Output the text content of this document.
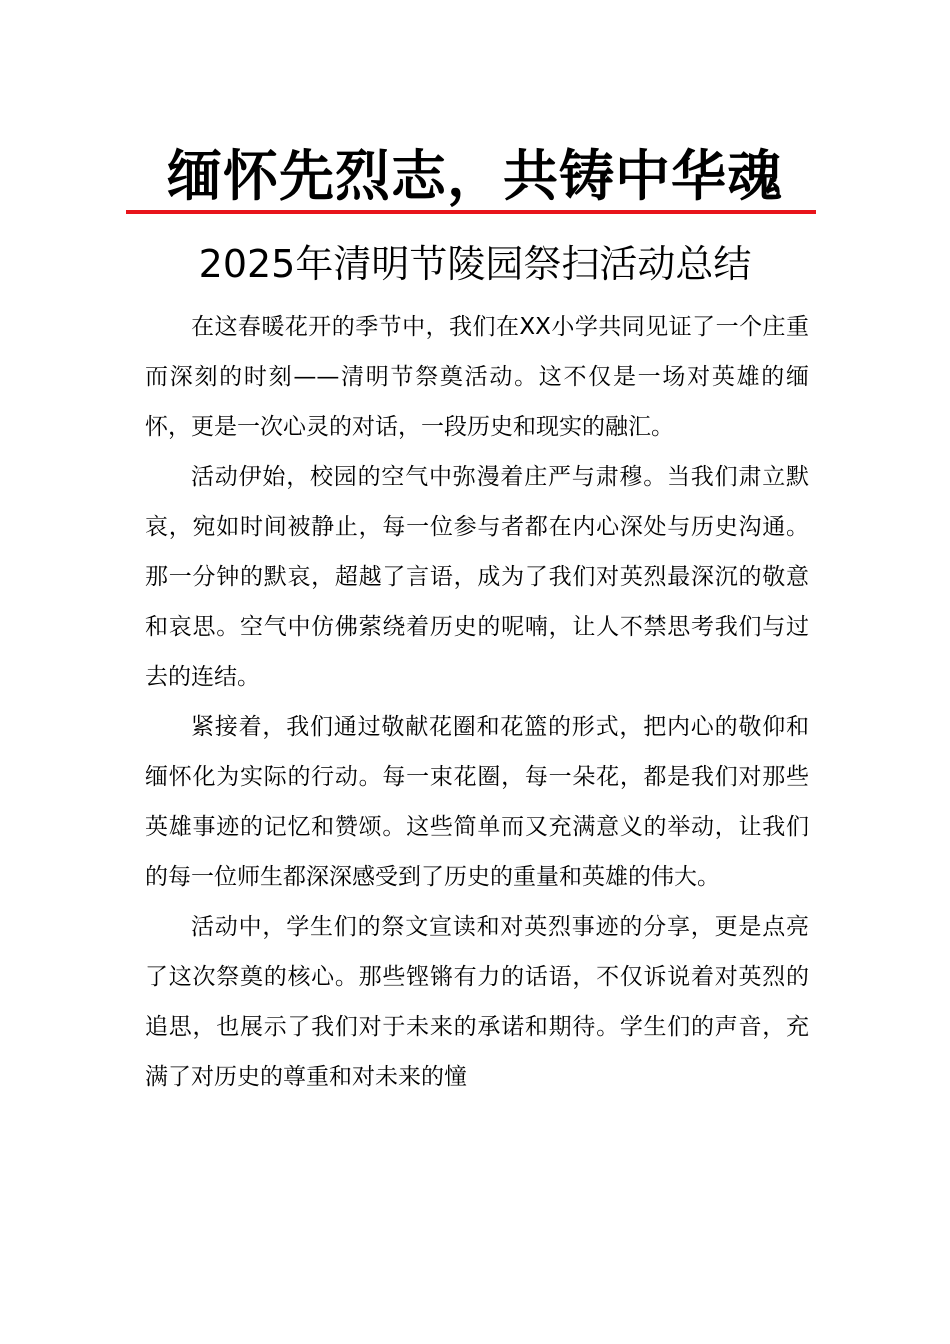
缅怀先烈志，共铸中华魂
2025年清明节陵园祭扫活动总结

在这春暖花开的季节中，我们在XX小学共同见证了一个庄重而深刻的时刻——清明节祭奠活动。这不仅是一场对英雄的缅怀，更是一次心灵的对话，一段历史和现实的融汇。

活动伊始，校园的空气中弥漫着庄严与肃穆。当我们肃立默哀，宛如时间被静止，每一位参与者都在内心深处与历史沟通。那一分钟的默哀，超越了言语，成为了我们对英烈最深沉的敬意和哀思。空气中仿佛萦绕着历史的呢喃，让人不禁思考我们与过去的连结。

紧接着，我们通过敬献花圈和花篮的形式，把内心的敬仰和缅怀化为实际的行动。每一束花圈，每一朵花，都是我们对那些英雄事迹的记忆和赞颂。这些简单而又充满意义的举动，让我们的每一位师生都深深感受到了历史的重量和英雄的伟大。

活动中，学生们的祭文宣读和对英烈事迹的分享，更是点亮了这次祭奠的核心。那些铿锵有力的话语，不仅诉说着对英烈的追思，也展示了我们对于未来的承诺和期待。学生们的声音，充满了对历史的尊重和对未来的憧
